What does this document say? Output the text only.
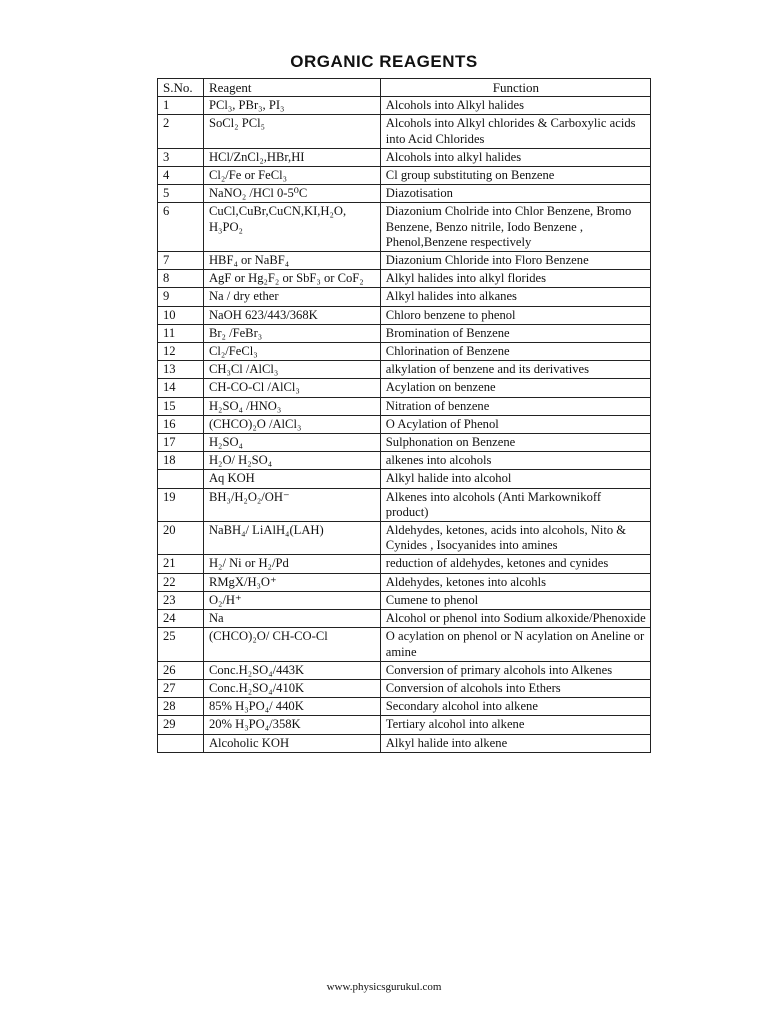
ORGANIC REAGENTS
S.No.	Reagent	Function
1	PCl₃, PBr₃, PI₃	Alcohols into Alkyl halides
2	SoCl₂ PCl₅	Alcohols into Alkyl chlorides & Carboxylic acids into Acid Chlorides
3	HCl/ZnCl₂,HBr,HI	Alcohols into alkyl halides
4	Cl₂/Fe or FeCl₃	Cl group substituting on Benzene
5	NaNO₂ /HCl 0-5⁰C	Diazotisation
6	CuCl,CuBr,CuCN,KI,H₂O, H₃PO₂	Diazonium Cholride into Chlor Benzene, Bromo Benzene, Benzo nitrile, Iodo Benzene , Phenol,Benzene respectively
7	HBF₄ or NaBF₄	Diazonium Chloride into Floro Benzene
8	AgF or Hg₂F₂ or SbF₃ or CoF₂	Alkyl halides into alkyl florides
9	Na / dry ether	Alkyl halides into alkanes
10	NaOH 623/443/368K	Chloro benzene to phenol
11	Br₂ /FeBr₃	Bromination of Benzene
12	Cl₂/FeCl₃	Chlorination of Benzene
13	CH₃Cl /AlCl₃	alkylation of benzene and its derivatives
14	CH-CO-Cl /AlCl₃	Acylation on benzene
15	H₂SO₄ /HNO₃	Nitration of benzene
16	(CHCO)₂O /AlCl₃	O Acylation of Phenol
17	H₂SO₄	Sulphonation on Benzene
18	H₂O/ H₂SO₄	alkenes into alcohols
	Aq KOH	Alkyl halide into alcohol
19	BH₃/H₂O₂/OH⁻	Alkenes into alcohols (Anti Markownikoff product)
20	NaBH₄/ LiAlH₄(LAH)	Aldehydes, ketones, acids into alcohols, Nito & Cynides , Isocyanides into amines
21	H₂/ Ni or H₂/Pd	reduction of aldehydes, ketones and cynides
22	RMgX/H₃O⁺	Aldehydes, ketones into alcohls
23	O₂/H⁺	Cumene to phenol
24	Na	Alcohol or phenol into Sodium alkoxide/Phenoxide
25	(CHCO)₂O/ CH-CO-Cl	O acylation on phenol or N acylation on Aneline or amine
26	Conc.H₂SO₄/443K	Conversion of primary alcohols into Alkenes
27	Conc.H₂SO₄/410K	Conversion of alcohols into Ethers
28	85% H₃PO₄/ 440K	Secondary alcohol into alkene
29	20% H₃PO₄/358K	Tertiary alcohol into alkene
	Alcoholic KOH	Alkyl halide into alkene
www.physicsgurukul.com
